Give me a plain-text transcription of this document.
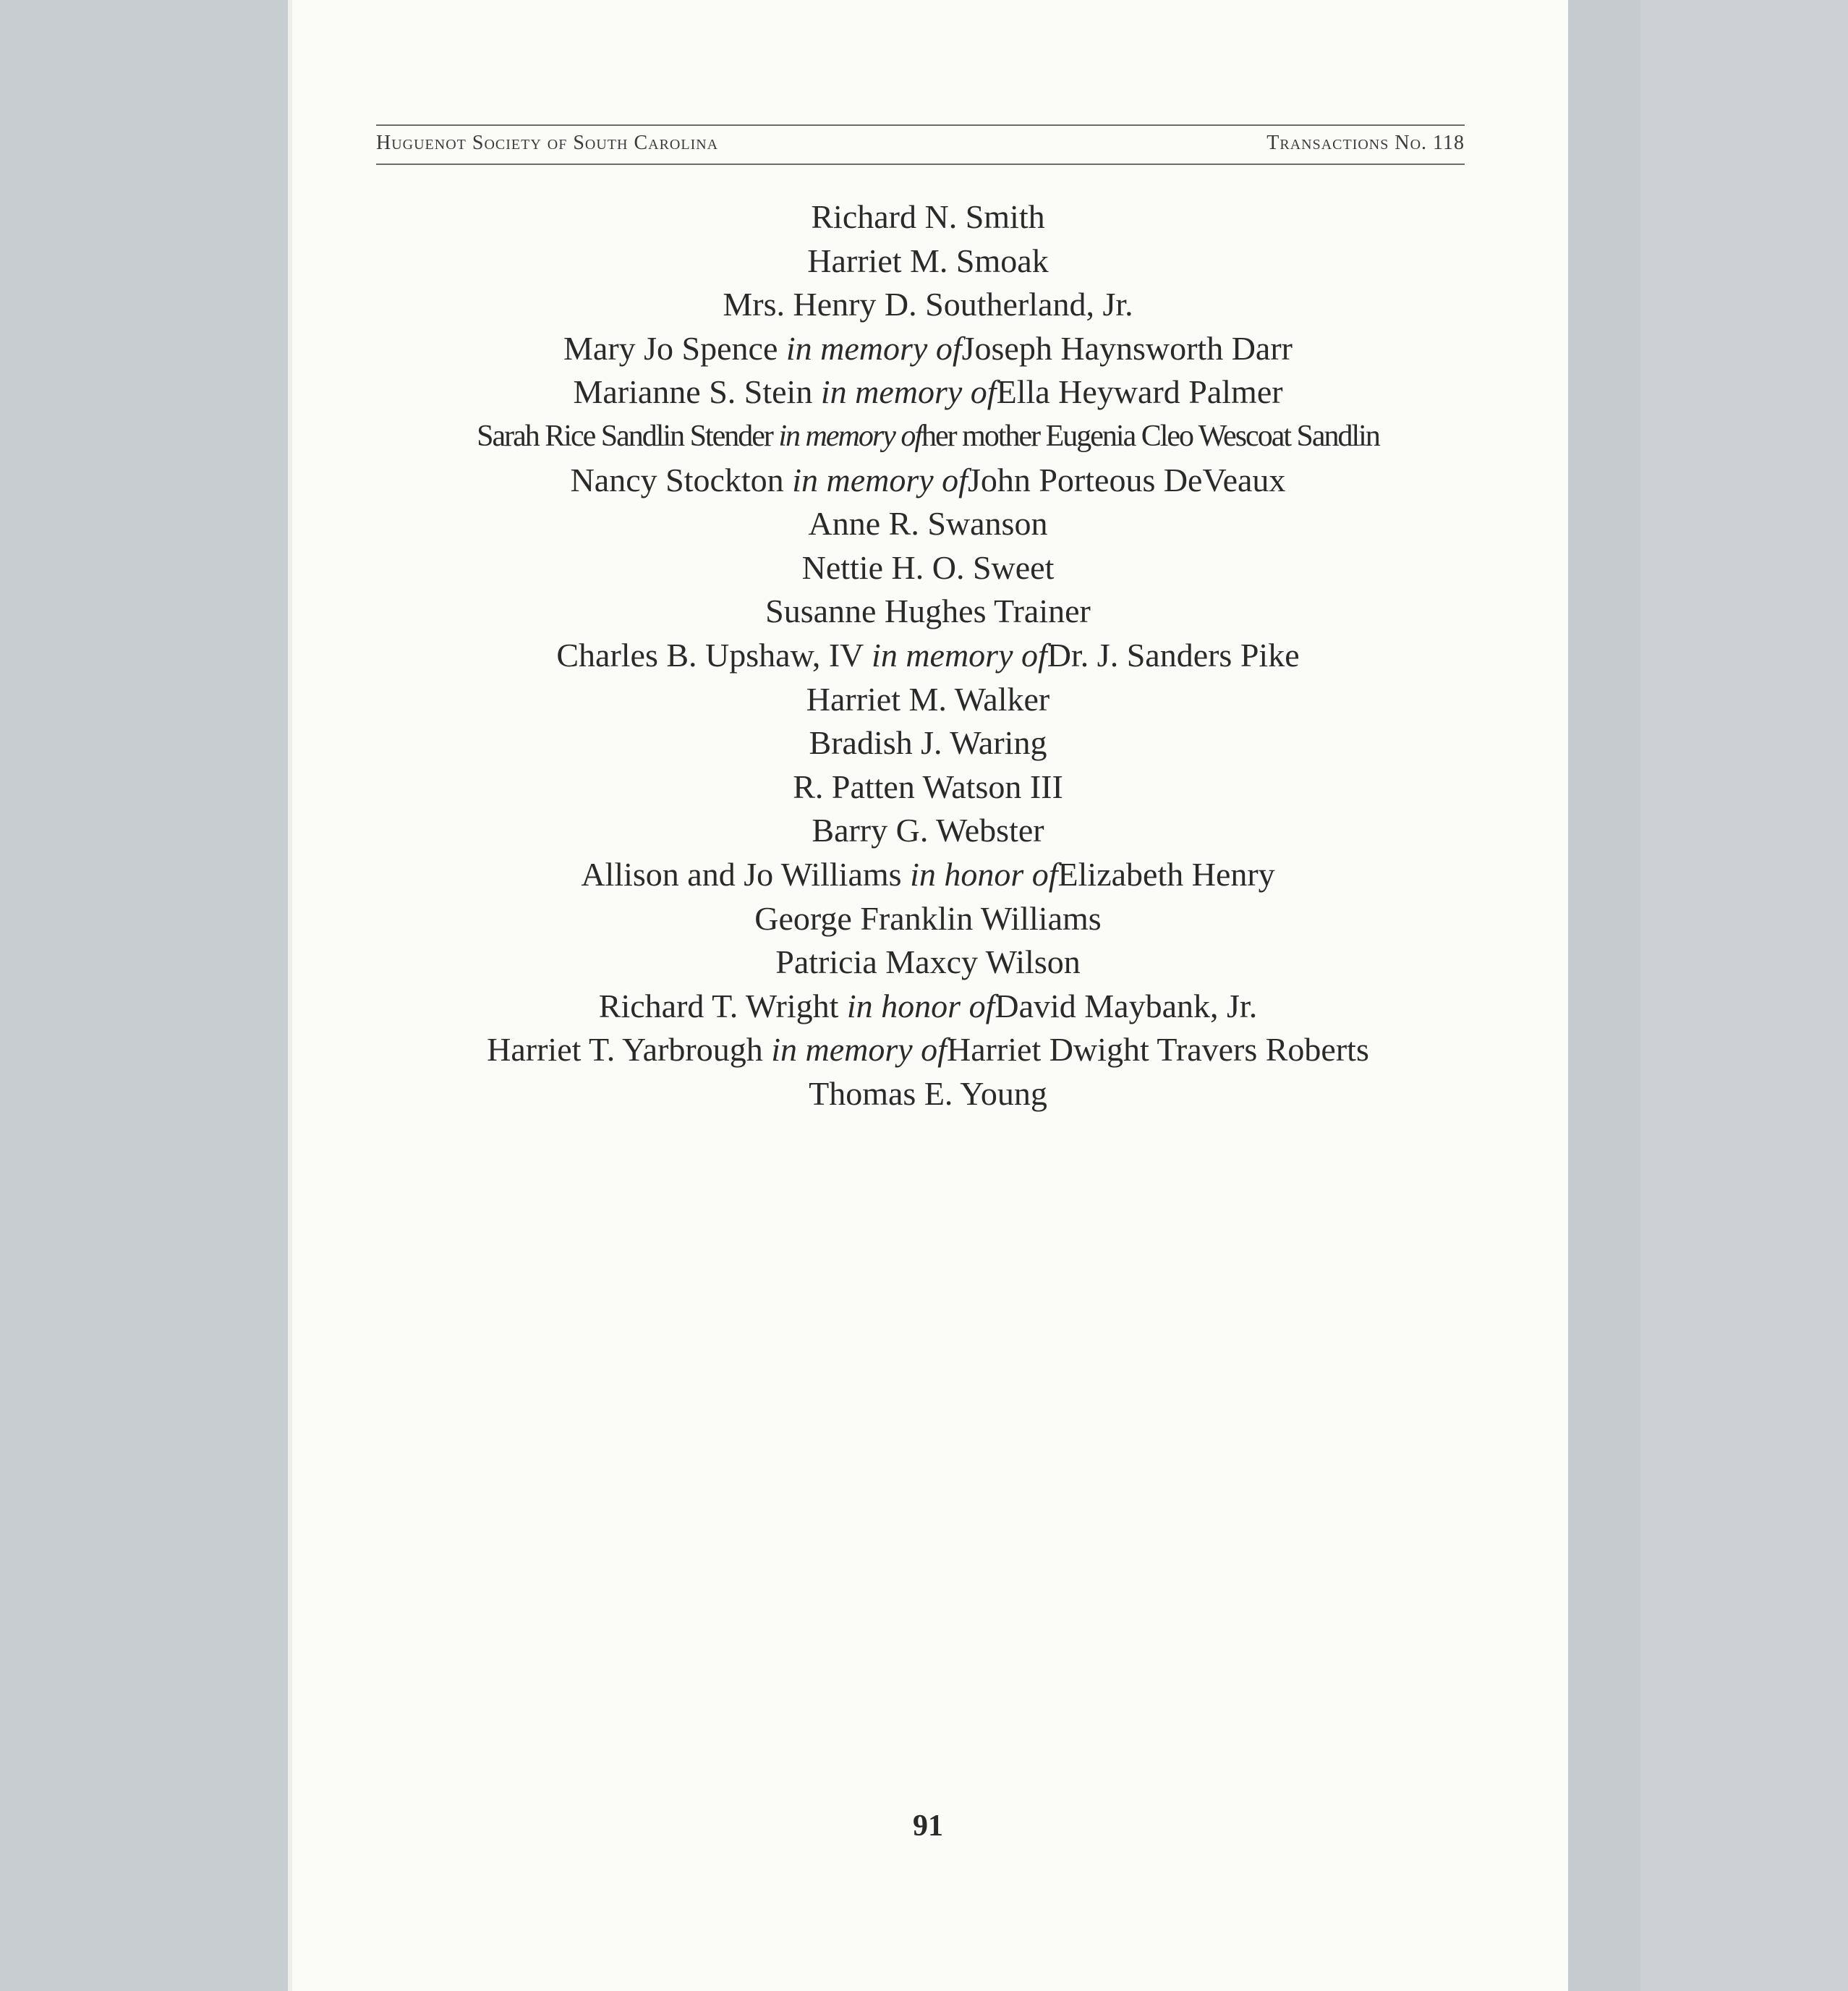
Huguenot Society of South Carolina	Transactions No. 118
Richard N. Smith
Harriet M. Smoak
Mrs. Henry D. Southerland, Jr.
Mary Jo Spence in memory ofJoseph Haynsworth Darr
Marianne S. Stein in memory ofElla Heyward Palmer
Sarah Rice Sandlin Stender in memory ofher mother Eugenia Cleo Wescoat Sandlin
Nancy Stockton in memory ofJohn Porteous DeVeaux
Anne R. Swanson
Nettie H. O. Sweet
Susanne Hughes Trainer
Charles B. Upshaw, IV in memory ofDr. J. Sanders Pike
Harriet M. Walker
Bradish J. Waring
R. Patten Watson III
Barry G. Webster
Allison and Jo Williams in honor ofElizabeth Henry
George Franklin Williams
Patricia Maxcy Wilson
Richard T. Wright in honor ofDavid Maybank, Jr.
Harriet T. Yarbrough in memory ofHarriet Dwight Travers Roberts
Thomas E. Young
91
